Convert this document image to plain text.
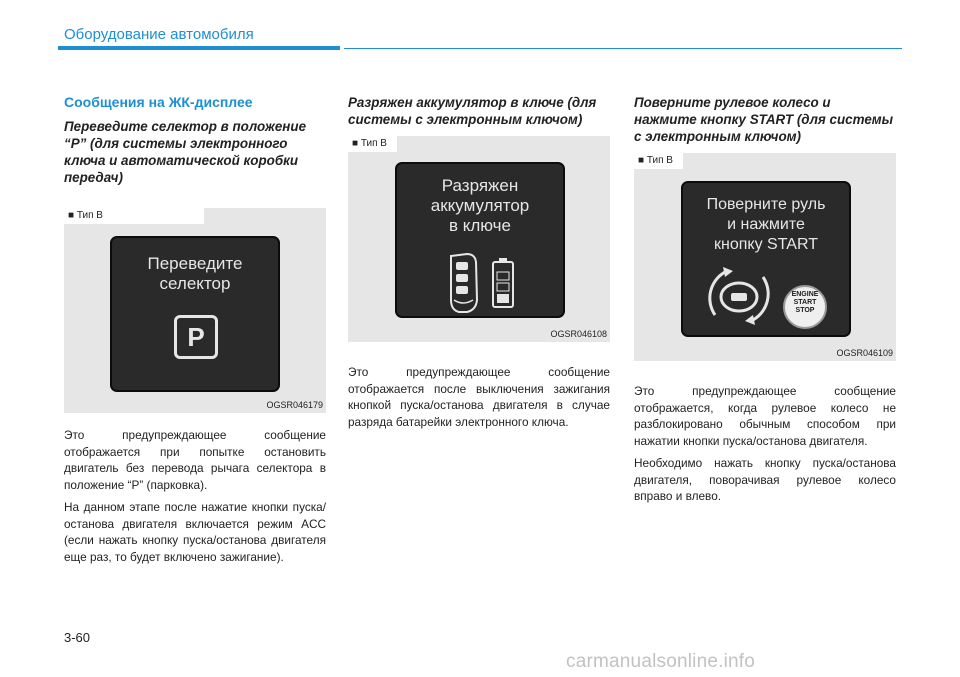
Оборудование автомобиля
Сообщения на ЖК-дисплее
Переведите селектор в положение “P” (для системы электронного ключа и автоматической коробки передач)
■ Тип B
Переведите
селектор
P
OGSR046179

Это предупреждающее сообщение отображается при попытке остановить двигатель без перевода рычага селектора в положение “P” (парковка).

На данном этапе после нажатие кнопки пуска/останова двигателя включается режим ACC (если нажать кнопку пуска/останова двигателя еще раз, то будет включено зажигание).

Разряжен аккумулятор в ключе (для системы с электронным ключом)
■ Тип B
Разряжен
аккумулятор
в ключе
OGSR046108

Это предупреждающее сообщение отображается после выключения зажигания кнопкой пуска/останова двигателя в случае разряда батарейки электронного ключа.

Поверните рулевое колесо и нажмите кнопку START (для системы с электронным ключом)
■ Тип B
Поверните руль
и нажмите
кнопку START
ENGINE
START
STOP
OGSR046109

Это предупреждающее сообщение отображается, когда рулевое колесо не разблокировано обычным способом при нажатии кнопки пуска/останова двигателя.

Необходимо нажать кнопку пуска/останова двигателя, поворачивая рулевое колесо вправо и влево.

3-60
carmanualsonline.info
